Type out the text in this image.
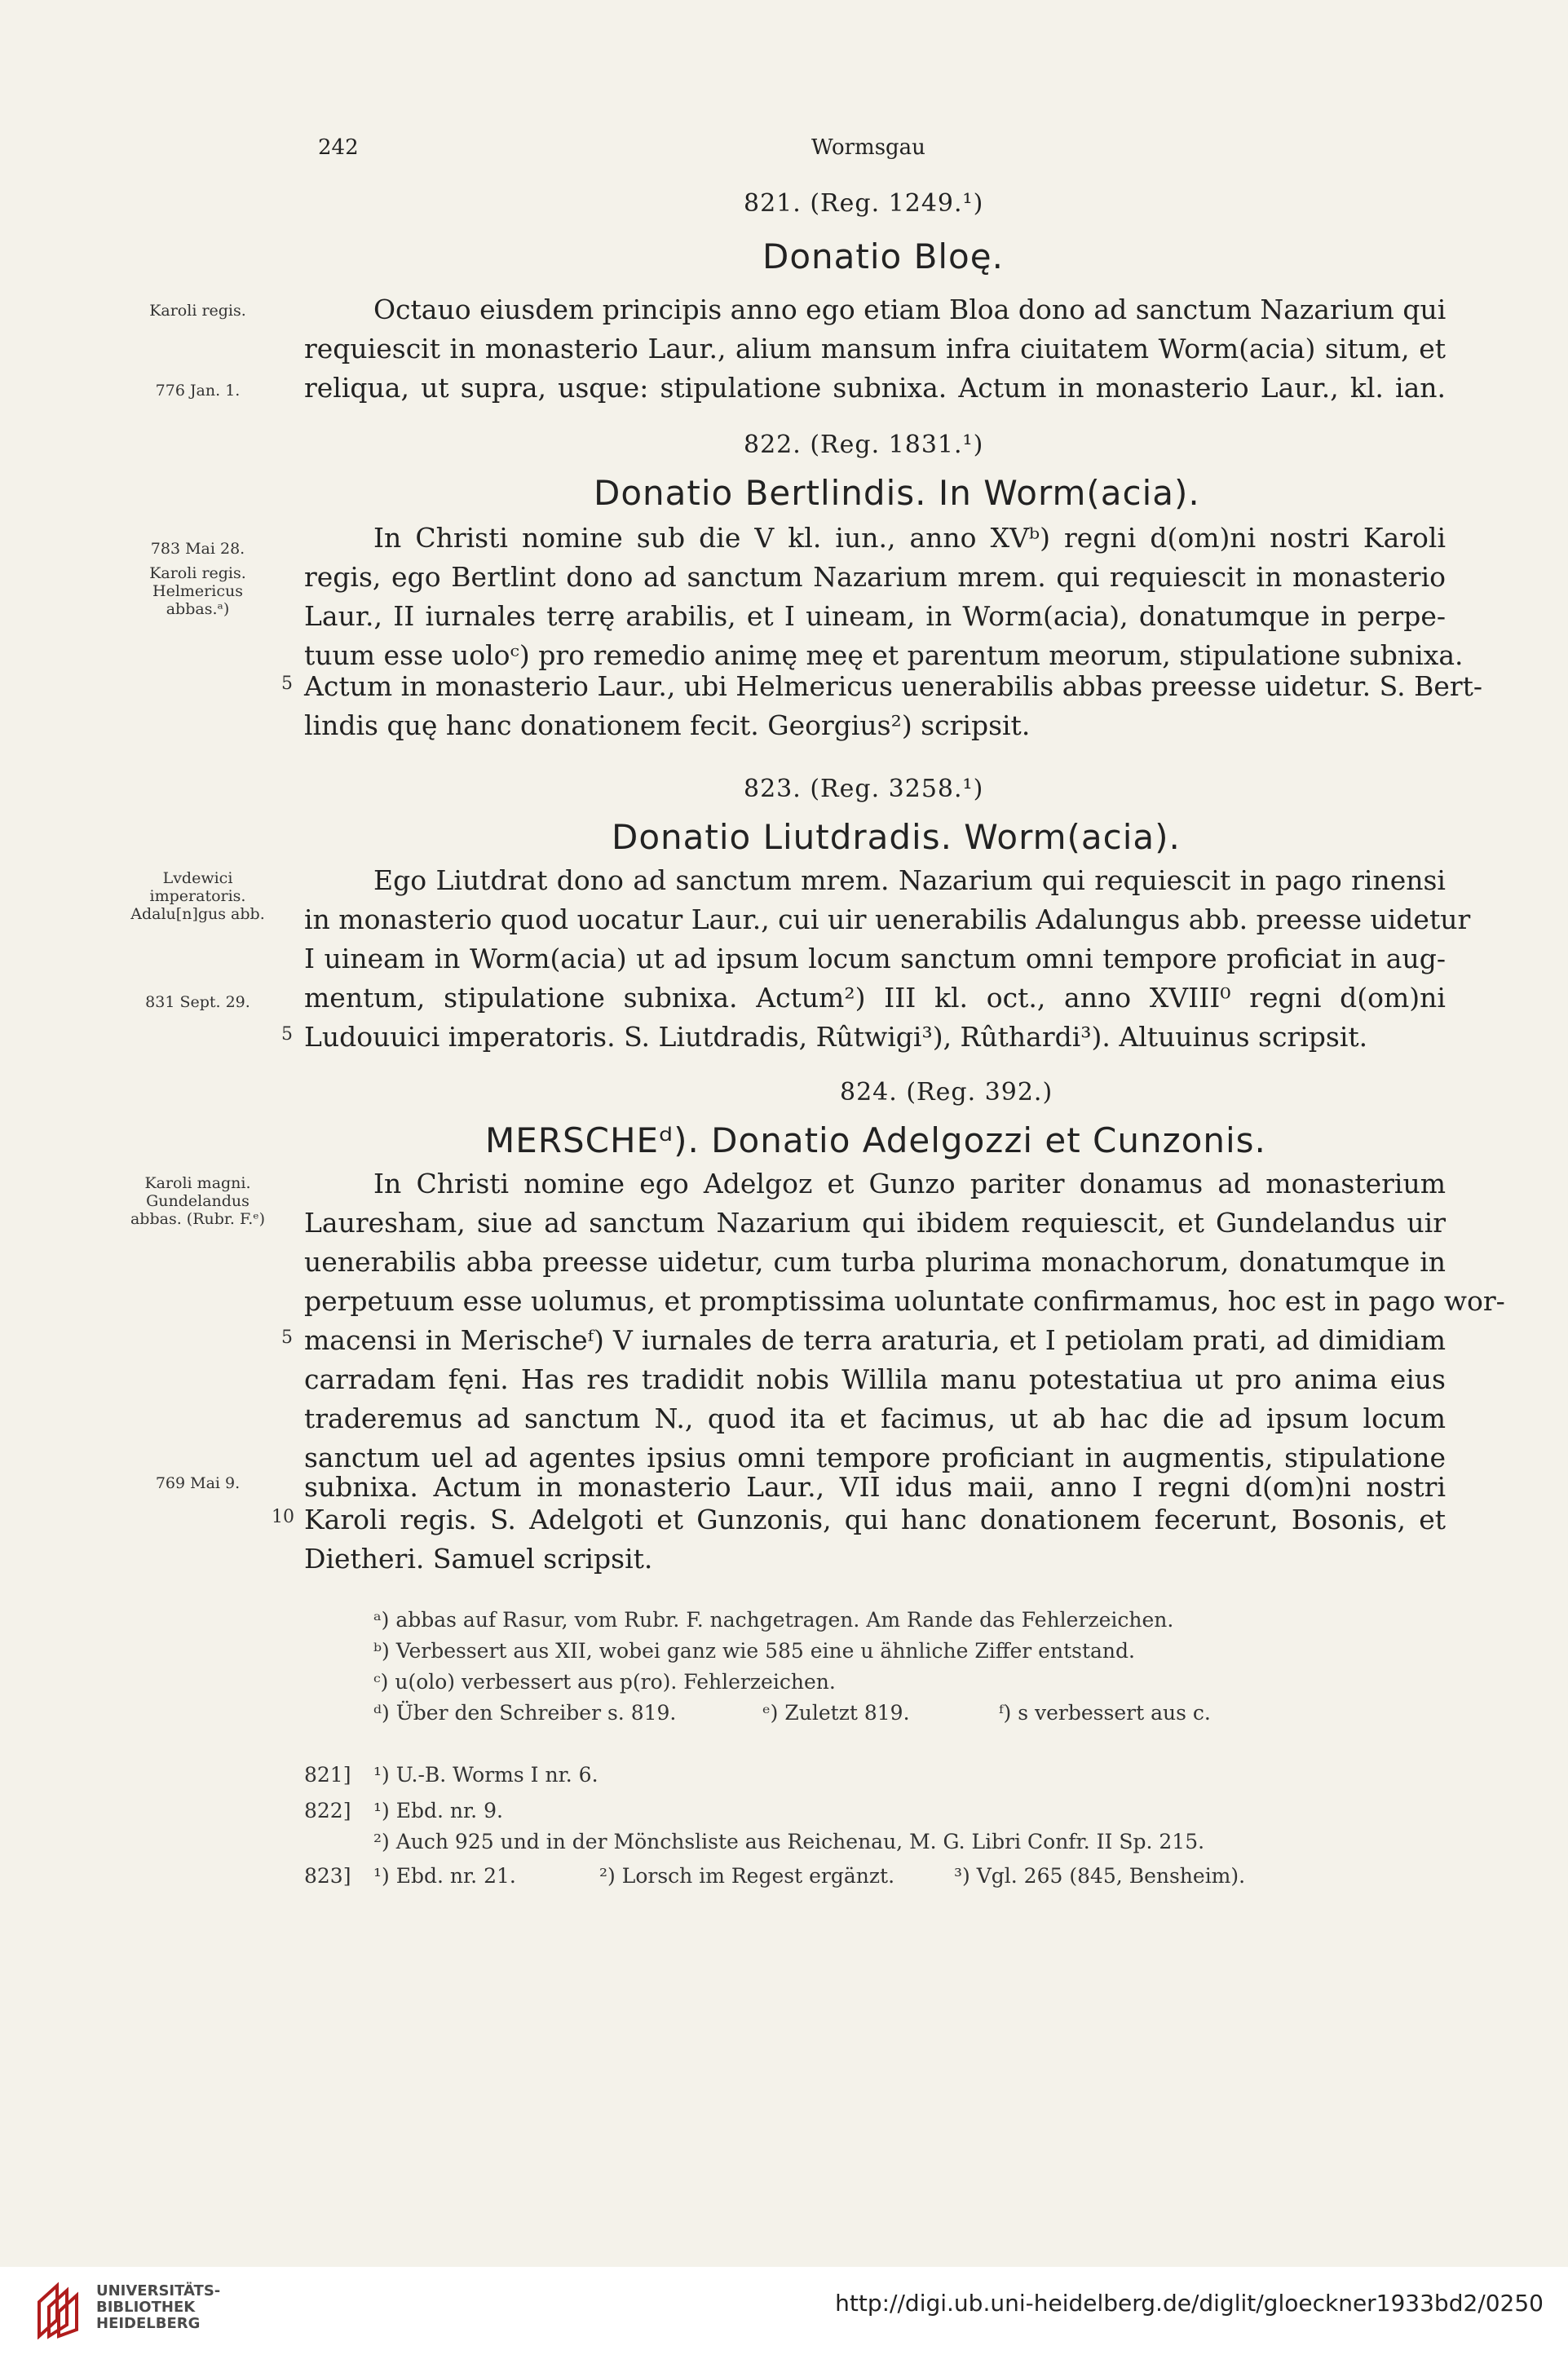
242	Wormsgau
821. (Reg. 1249.¹)
Donatio Bloę.
Karoli regis.
776 Jan. 1.
Octauo eiusdem principis anno ego etiam Bloa dono ad sanctum Nazarium qui
requiescit in monasterio Laur., alium mansum infra ciuitatem Worm(acia) situm, et
reliqua, ut supra, usque: stipulatione subnixa. Actum in monasterio Laur., kl. ian.
822. (Reg. 1831.¹)
Donatio Bertlindis. In Worm(acia).
783 Mai 28.
Karoli regis. Helmericus abbas.ᵃ)
In Christi nomine sub die V kl. iun., anno XVᵇ) regni d(om)ni nostri Karoli
regis, ego Bertlint dono ad sanctum Nazarium mrem. qui requiescit in monasterio
Laur., II iurnales terrę arabilis, et I uineam, in Worm(acia), donatumque in perpe-
tuum esse uoloᶜ) pro remedio animę meę et parentum meorum, stipulatione subnixa.
5 Actum in monasterio Laur., ubi Helmericus uenerabilis abbas preesse uidetur. S. Bert-
lindis quę hanc donationem fecit. Georgius²) scripsit.
823. (Reg. 3258.¹)
Donatio Liutdradis. Worm(acia).
Lvdewici imperatoris. Adalu[n]gus abb.
831 Sept. 29.
Ego Liutdrat dono ad sanctum mrem. Nazarium qui requiescit in pago rinensi
in monasterio quod uocatur Laur., cui uir uenerabilis Adalungus abb. preesse uidetur
I uineam in Worm(acia) ut ad ipsum locum sanctum omni tempore proficiat in aug-
mentum, stipulatione subnixa. Actum²) III kl. oct., anno XVIII⁰ regni d(om)ni
5 Ludouuici imperatoris. S. Liutdradis, Rûtwigi³), Rûthardi³). Altuuinus scripsit.
824. (Reg. 392.)
MERSCHEᵈ). Donatio Adelgozzi et Cunzonis.
Karoli magni. Gundelandus abbas. (Rubr. F.ᵉ)
769 Mai 9.
In Christi nomine ego Adelgoz et Gunzo pariter donamus ad monasterium
Lauresham, siue ad sanctum Nazarium qui ibidem requiescit, et Gundelandus uir
uenerabilis abba preesse uidetur, cum turba plurima monachorum, donatumque in
perpetuum esse uolumus, et promptissima uoluntate confirmamus, hoc est in pago wor-
5 macensi in Merischeᶠ) V iurnales de terra araturia, et I petiolam prati, ad dimidiam
carradam fęni. Has res tradidit nobis Willila manu potestatiua ut pro anima eius
traderemus ad sanctum N., quod ita et facimus, ut ab hac die ad ipsum locum
sanctum uel ad agentes ipsius omni tempore proficiant in augmentis, stipulatione
subnixa. Actum in monasterio Laur., VII idus maii, anno I regni d(om)ni nostri
10 Karoli regis. S. Adelgoti et Gunzonis, qui hanc donationem fecerunt, Bosonis, et
Dietheri. Samuel scripsit.
ᵃ) abbas auf Rasur, vom Rubr. F. nachgetragen. Am Rande das Fehlerzeichen.
ᵇ) Verbessert aus XII, wobei ganz wie 585 eine u ähnliche Ziffer entstand.
ᶜ) u(olo) verbessert aus p(ro). Fehlerzeichen.
ᵈ) Über den Schreiber s. 819.	ᵉ) Zuletzt 819.	ᶠ) s verbessert aus c.
821] ¹) U.-B. Worms I nr. 6.
822] ¹) Ebd. nr. 9.
²) Auch 925 und in der Mönchsliste aus Reichenau, M. G. Libri Confr. II Sp. 215.
823] ¹) Ebd. nr. 21.	²) Lorsch im Regest ergänzt.	³) Vgl. 265 (845, Bensheim).
UNIVERSITÄTS-
BIBLIOTHEK
HEIDELBERG
http://digi.ub.uni-heidelberg.de/diglit/gloeckner1933bd2/0250
